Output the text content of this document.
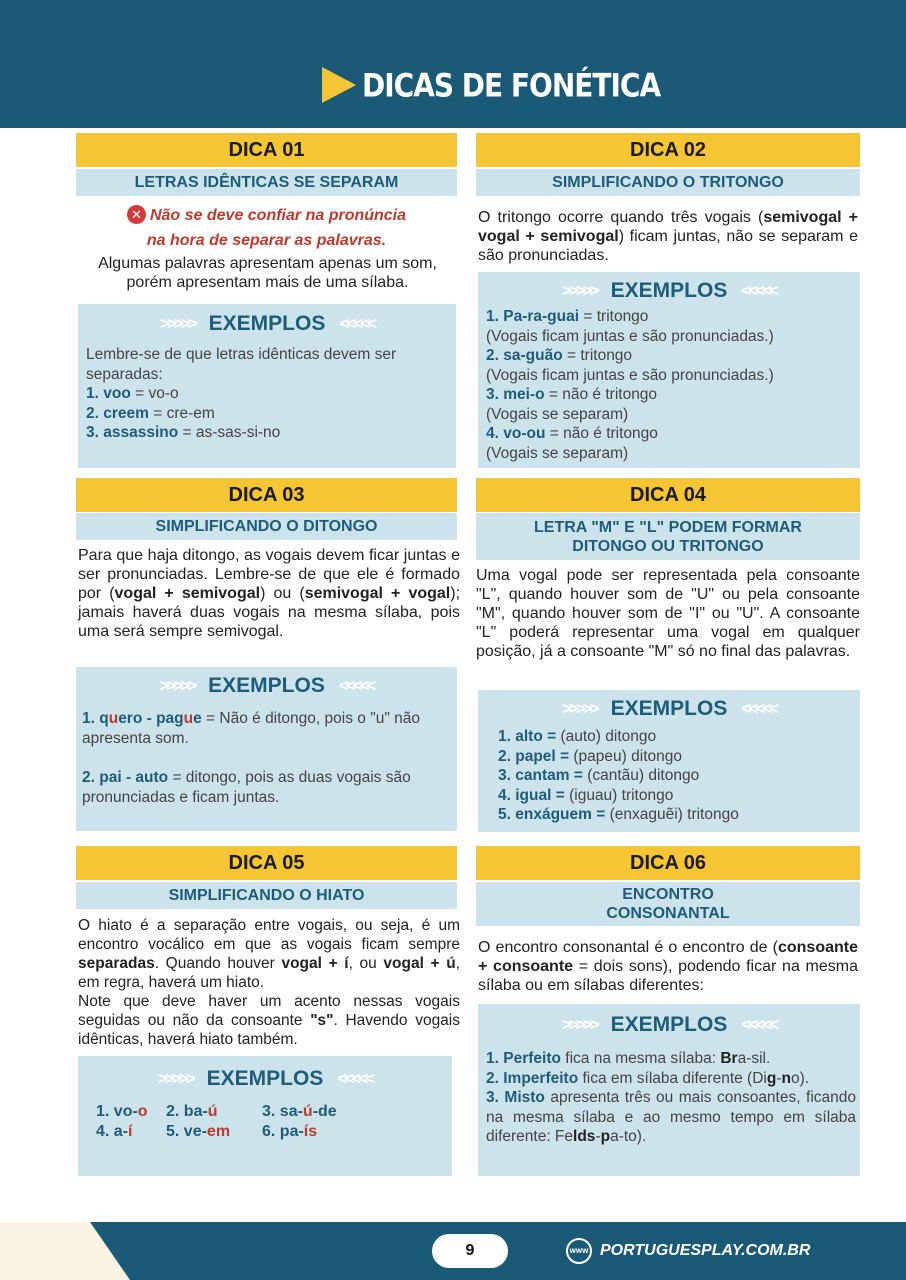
DICAS DE FONÉTICA
DICA 01
LETRAS IDÊNTICAS SE SEPARAM
✕ Não se deve confiar na pronúncia
na hora de separar as palavras.
Algumas palavras apresentam apenas um som, porém apresentam mais de uma sílaba.
>>>>> EXEMPLOS <<<<<
Lembre-se de que letras idênticas devem ser separadas:
1. voo = vo-o
2. creem = cre-em
3. assassino = as-sas-si-no
DICA 02
SIMPLIFICANDO O TRITONGO
O tritongo ocorre quando três vogais (semivogal + vogal + semivogal) ficam juntas, não se separam e são pronunciadas.
>>>>> EXEMPLOS <<<<<
1. Pa-ra-guai = tritongo
(Vogais ficam juntas e são pronunciadas.)
2. sa-guão = tritongo
(Vogais ficam juntas e são pronunciadas.)
3. mei-o = não é tritongo
(Vogais se separam)
4. vo-ou = não é tritongo
(Vogais se separam)
DICA 03
SIMPLIFICANDO O DITONGO
Para que haja ditongo, as vogais devem ficar juntas e ser pronunciadas. Lembre-se de que ele é formado por (vogal + semivogal) ou (semivogal + vogal); jamais haverá duas vogais na mesma sílaba, pois uma será sempre semivogal.
>>>>> EXEMPLOS <<<<<
1. quero - pague = Não é ditongo, pois o "u" não apresenta som.
2. pai - auto = ditongo, pois as duas vogais são pronunciadas e ficam juntas.
DICA 04
LETRA "M" E "L" PODEM FORMAR DITONGO OU TRITONGO
Uma vogal pode ser representada pela consoante "L", quando houver som de "U" ou pela consoante "M", quando houver som de "I" ou "U". A consoante "L" poderá representar uma vogal em qualquer posição, já a consoante "M" só no final das palavras.
>>>>> EXEMPLOS <<<<<
1. alto = (auto) ditongo
2. papel = (papeu) ditongo
3. cantam = (cantãu) ditongo
4. igual = (iguau) tritongo
5. enxáguem = (enxaguẽi) tritongo
DICA 05
SIMPLIFICANDO O HIATO
O hiato é a separação entre vogais, ou seja, é um encontro vocálico em que as vogais ficam sempre separadas. Quando houver vogal + í, ou vogal + ú, em regra, haverá um hiato.
Note que deve haver um acento nessas vogais seguidas ou não da consoante "s". Havendo vogais idênticas, haverá hiato também.
>>>>> EXEMPLOS <<<<<
1. vo-o 2. ba-ú	3. sa-ú-de
4. a-í 5. ve-em 6. pa-ís
DICA 06
ENCONTRO
CONSONANTAL
O encontro consonantal é o encontro de (consoante + consoante = dois sons), podendo ficar na mesma sílaba ou em sílabas diferentes:
>>>>> EXEMPLOS <<<<<
1. Perfeito fica na mesma sílaba: Bra-sil.
2. Imperfeito fica em sílaba diferente (Dig-no).
3. Misto apresenta três ou mais consoantes, ficando na mesma sílaba e ao mesmo tempo em sílaba diferente: Felds-pa-to).
9	www PORTUGUESPLAY.COM.BR
